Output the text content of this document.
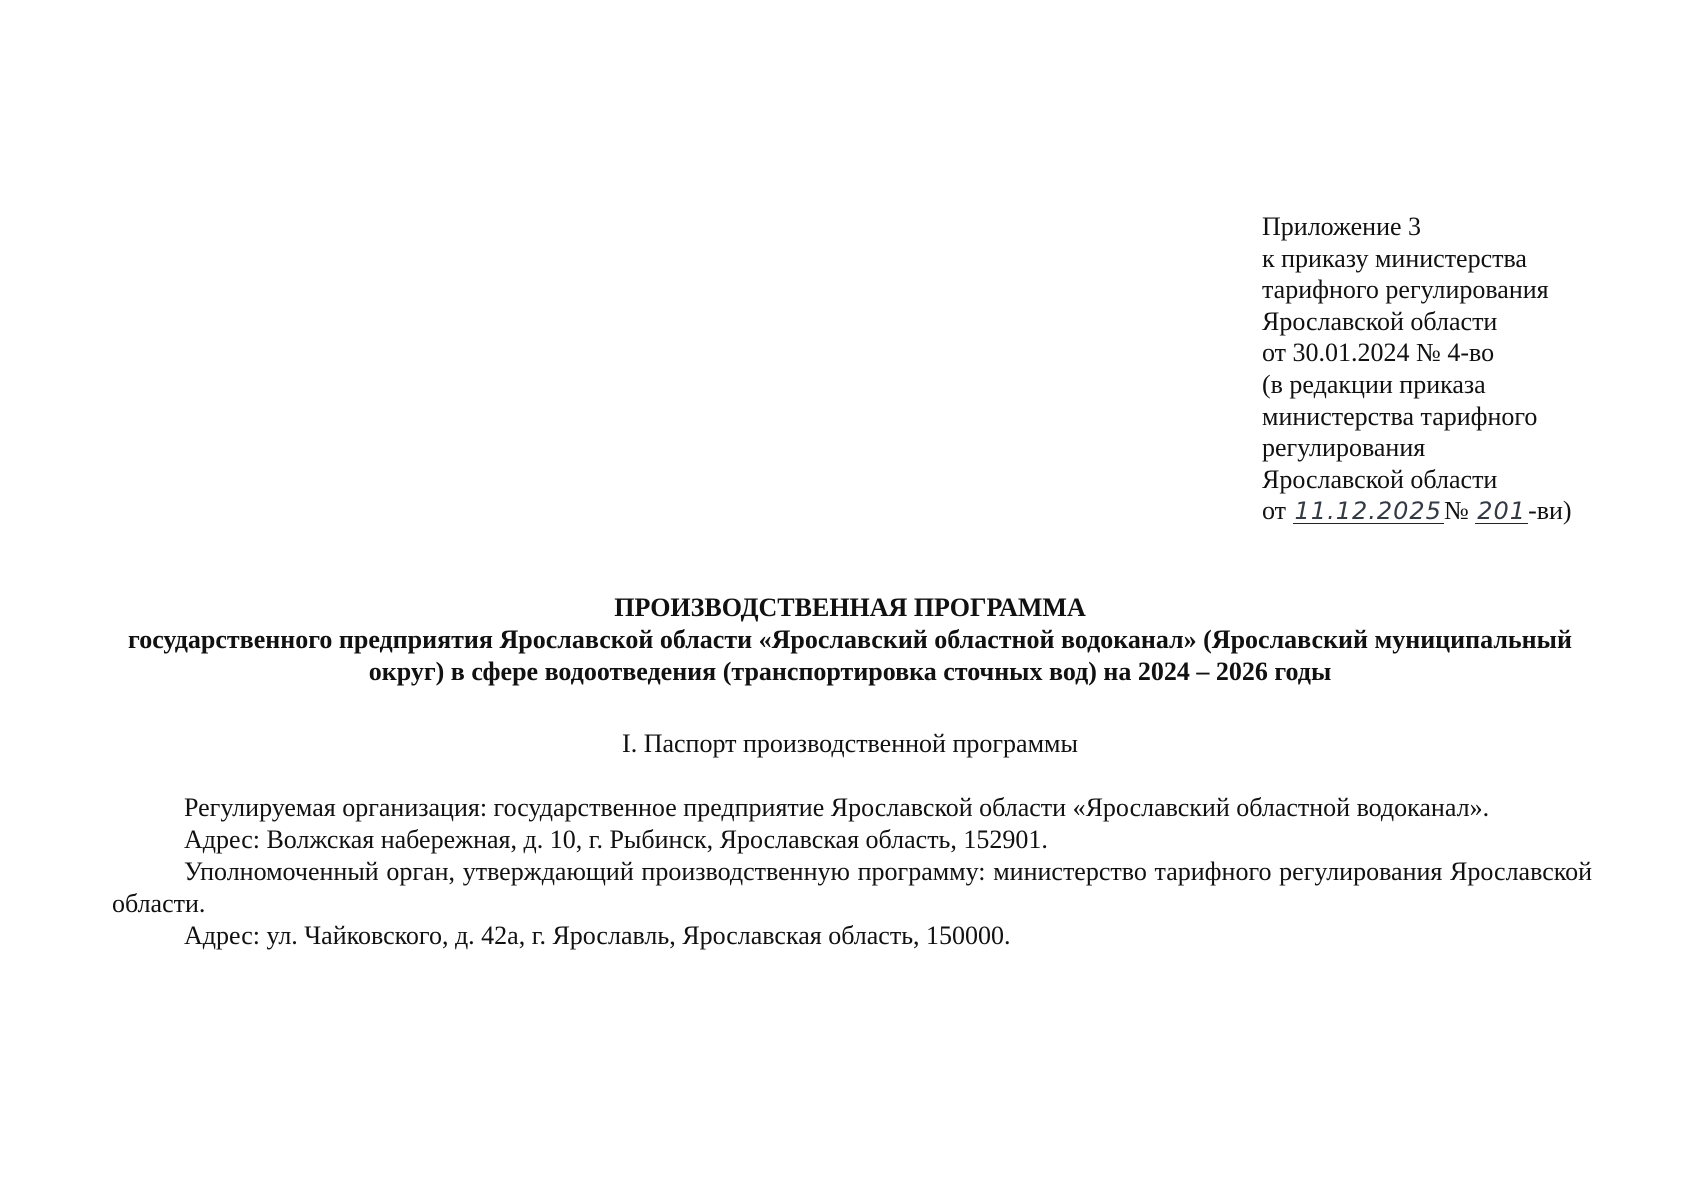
Приложение 3
к приказу министерства
тарифного регулирования
Ярославской области
от 30.01.2024 № 4-во
(в редакции приказа
министерства тарифного
регулирования
Ярославской области
от 11.12.2025№ 201-ви)
ПРОИЗВОДСТВЕННАЯ ПРОГРАММА
государственного предприятия Ярославской области «Ярославский областной водоканал» (Ярославский муниципальный округ) в сфере водоотведения (транспортировка сточных вод) на 2024 – 2026 годы
I. Паспорт производственной программы

Регулируемая организация: государственное предприятие Ярославской области «Ярославский областной водоканал».

Адрес: Волжская набережная, д. 10, г. Рыбинск, Ярославская область, 152901.

Уполномоченный орган, утверждающий производственную программу: министерство тарифного регулирования Ярославской области.

Адрес: ул. Чайковского, д. 42а, г. Ярославль, Ярославская область, 150000.
